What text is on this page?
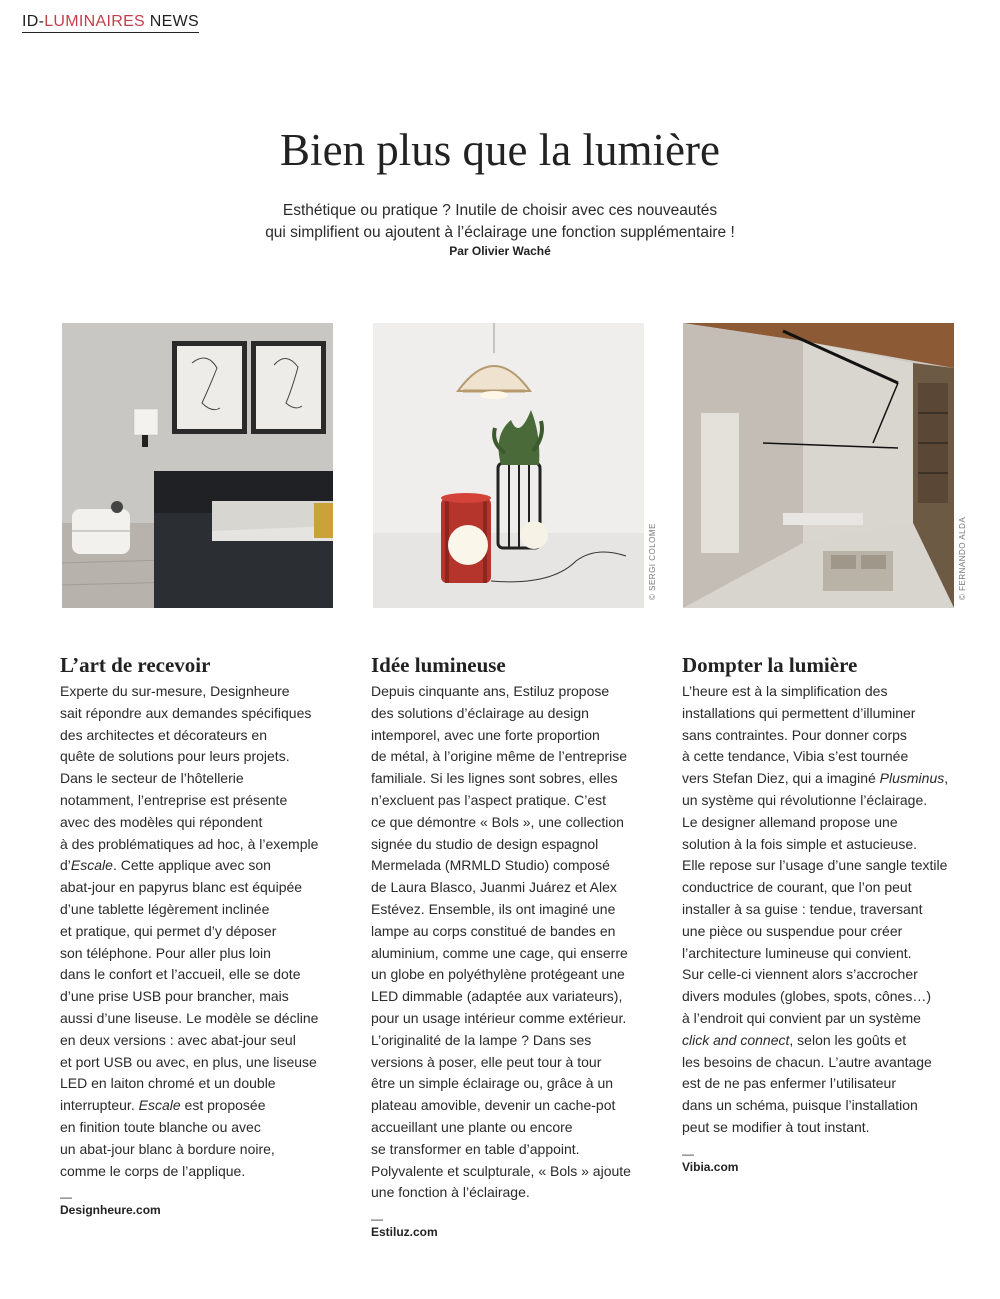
ID-LUMINAIRES NEWS
Bien plus que la lumière
Esthétique ou pratique ? Inutile de choisir avec ces nouveautés
qui simplifient ou ajoutent à l’éclairage une fonction supplémentaire !
Par Olivier Waché
© SERGI COLOME	© FERNANDO ALDA
L’art de recevoir
Experte du sur-mesure, Designheure
sait répondre aux demandes spécifiques
des architectes et décorateurs en
quête de solutions pour leurs projets.
Dans le secteur de l’hôtellerie
notamment, l’entreprise est présente
avec des modèles qui répondent
à des problématiques ad hoc, à l’exemple
d’Escale. Cette applique avec son
abat-jour en papyrus blanc est équipée
d’une tablette légèrement inclinée
et pratique, qui permet d’y déposer
son téléphone. Pour aller plus loin
dans le confort et l’accueil, elle se dote
d’une prise USB pour brancher, mais
aussi d’une liseuse. Le modèle se décline
en deux versions : avec abat-jour seul
et port USB ou avec, en plus, une liseuse
LED en laiton chromé et un double
interrupteur. Escale est proposée
en finition toute blanche ou avec
un abat-jour blanc à bordure noire,
comme le corps de l’applique.
—
Designheure.com
Idée lumineuse
Depuis cinquante ans, Estiluz propose
des solutions d’éclairage au design
intemporel, avec une forte proportion
de métal, à l’origine même de l’entreprise
familiale. Si les lignes sont sobres, elles
n’excluent pas l’aspect pratique. C’est
ce que démontre « Bols », une collection
signée du studio de design espagnol
Mermelada (MRMLD Studio) composé
de Laura Blasco, Juanmi Juárez et Alex
Estévez. Ensemble, ils ont imaginé une
lampe au corps constitué de bandes en
aluminium, comme une cage, qui enserre
un globe en polyéthylène protégeant une
LED dimmable (adaptée aux variateurs),
pour un usage intérieur comme extérieur.
L’originalité de la lampe ? Dans ses
versions à poser, elle peut tour à tour
être un simple éclairage ou, grâce à un
plateau amovible, devenir un cache-pot
accueillant une plante ou encore
se transformer en table d’appoint.
Polyvalente et sculpturale, « Bols » ajoute
une fonction à l’éclairage.
—
Estiluz.com
Dompter la lumière
L’heure est à la simplification des
installations qui permettent d’illuminer
sans contraintes. Pour donner corps
à cette tendance, Vibia s’est tournée
vers Stefan Diez, qui a imaginé Plusminus,
un système qui révolutionne l’éclairage.
Le designer allemand propose une
solution à la fois simple et astucieuse.
Elle repose sur l’usage d’une sangle textile
conductrice de courant, que l’on peut
installer à sa guise : tendue, traversant
une pièce ou suspendue pour créer
l’architecture lumineuse qui convient.
Sur celle-ci viennent alors s’accrocher
divers modules (globes, spots, cônes…)
à l’endroit qui convient par un système
click and connect, selon les goûts et
les besoins de chacun. L’autre avantage
est de ne pas enfermer l’utilisateur
dans un schéma, puisque l’installation
peut se modifier à tout instant.
—
Vibia.com
